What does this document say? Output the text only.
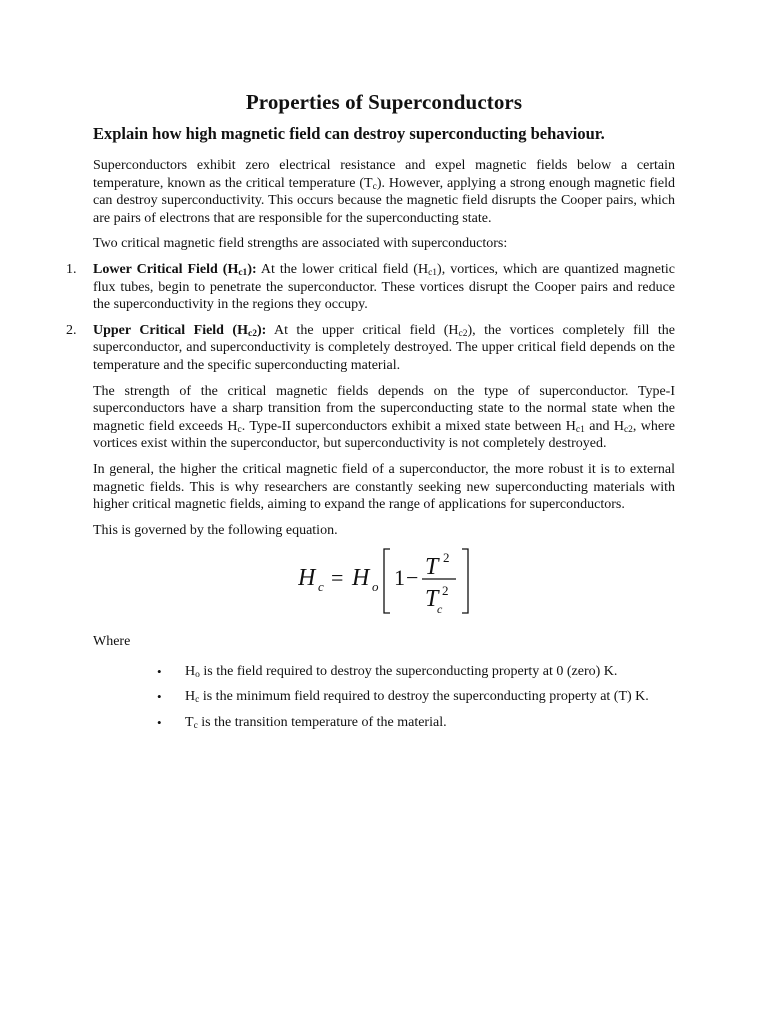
Properties of Superconductors
Explain how high magnetic field can destroy superconducting behaviour.

Superconductors exhibit zero electrical resistance and expel magnetic fields below a certain temperature, known as the critical temperature $(T_c)$. However, applying a strong enough magnetic field can destroy superconductivity. This occurs because the magnetic field disrupts the Cooper pairs, which are pairs of electrons that are responsible for the superconducting state.

Two critical magnetic field strengths are associated with superconductors:

1. Lower Critical Field $(H_{c1})$: At the lower critical field $(H_{c1})$, vortices, which are quantized magnetic flux tubes, begin to penetrate the superconductor. These vortices disrupt the Cooper pairs and reduce the superconductivity in the regions they occupy.
2. Upper Critical Field $(H_{c2})$: At the upper critical field $(H_{c2})$, the vortices completely fill the superconductor, and superconductivity is completely destroyed. The upper critical field depends on the temperature and the specific superconducting material.

The strength of the critical magnetic fields depends on the type of superconductor. Type-I superconductors have a sharp transition from the superconducting state to the normal state when the magnetic field exceeds $H_c$. Type-II superconductors exhibit a mixed state between $H_{c1}$ and $H_{c2}$, where vortices exist within the superconductor, but superconductivity is not completely destroyed.

In general, the higher the critical magnetic field of a superconductor, the more robust it is to external magnetic fields. This is why researchers are constantly seeking new superconducting materials with higher critical magnetic fields, aiming to expand the range of applications for superconductors.

This is governed by the following equation.

H c = H o 1 − T 2
T 2
c

Where

• $H_o$ is the field required to destroy the superconducting property at 0 (zero) K.
• $H_c$ is the minimum field required to destroy the superconducting property at (T) K.
• $T_c$ is the transition temperature of the material.
